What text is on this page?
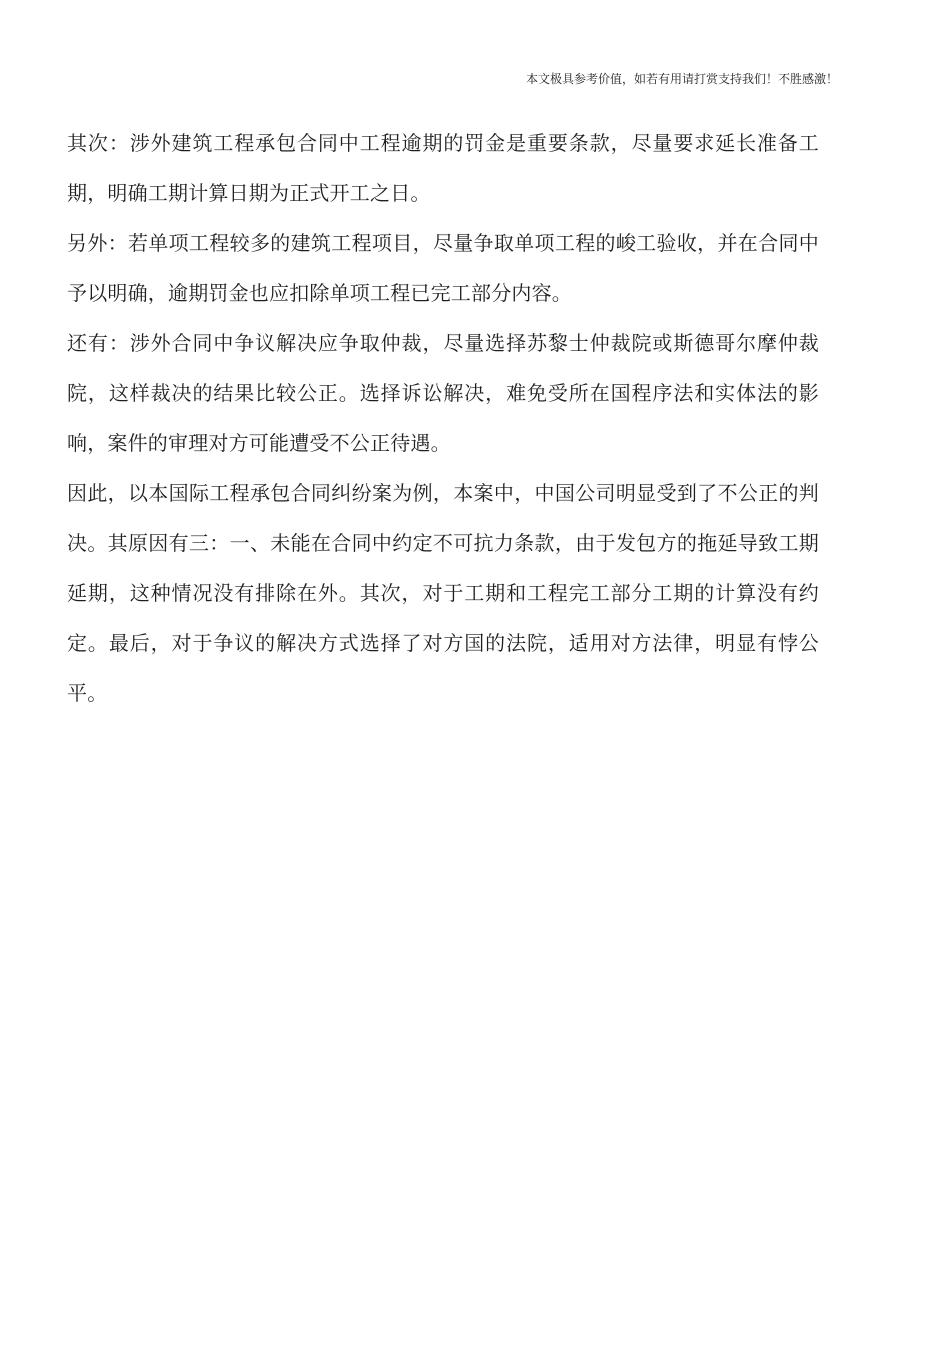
本文极具参考价值，如若有用请打赏支持我们！不胜感激！

其次：涉外建筑工程承包合同中工程逾期的罚金是重要条款，尽量要求延长准备工期，明确工期计算日期为正式开工之日。

另外：若单项工程较多的建筑工程项目，尽量争取单项工程的峻工验收，并在合同中予以明确，逾期罚金也应扣除单项工程已完工部分内容。

还有：涉外合同中争议解决应争取仲裁，尽量选择苏黎士仲裁院或斯德哥尔摩仲裁院，这样裁决的结果比较公正。选择诉讼解决，难免受所在国程序法和实体法的影响，案件的审理对方可能遭受不公正待遇。

因此，以本国际工程承包合同纠纷案为例，本案中，中国公司明显受到了不公正的判决。其原因有三：一、未能在合同中约定不可抗力条款，由于发包方的拖延导致工期延期，这种情况没有排除在外。其次，对于工期和工程完工部分工期的计算没有约定。最后，对于争议的解决方式选择了对方国的法院，适用对方法律，明显有悖公平。
